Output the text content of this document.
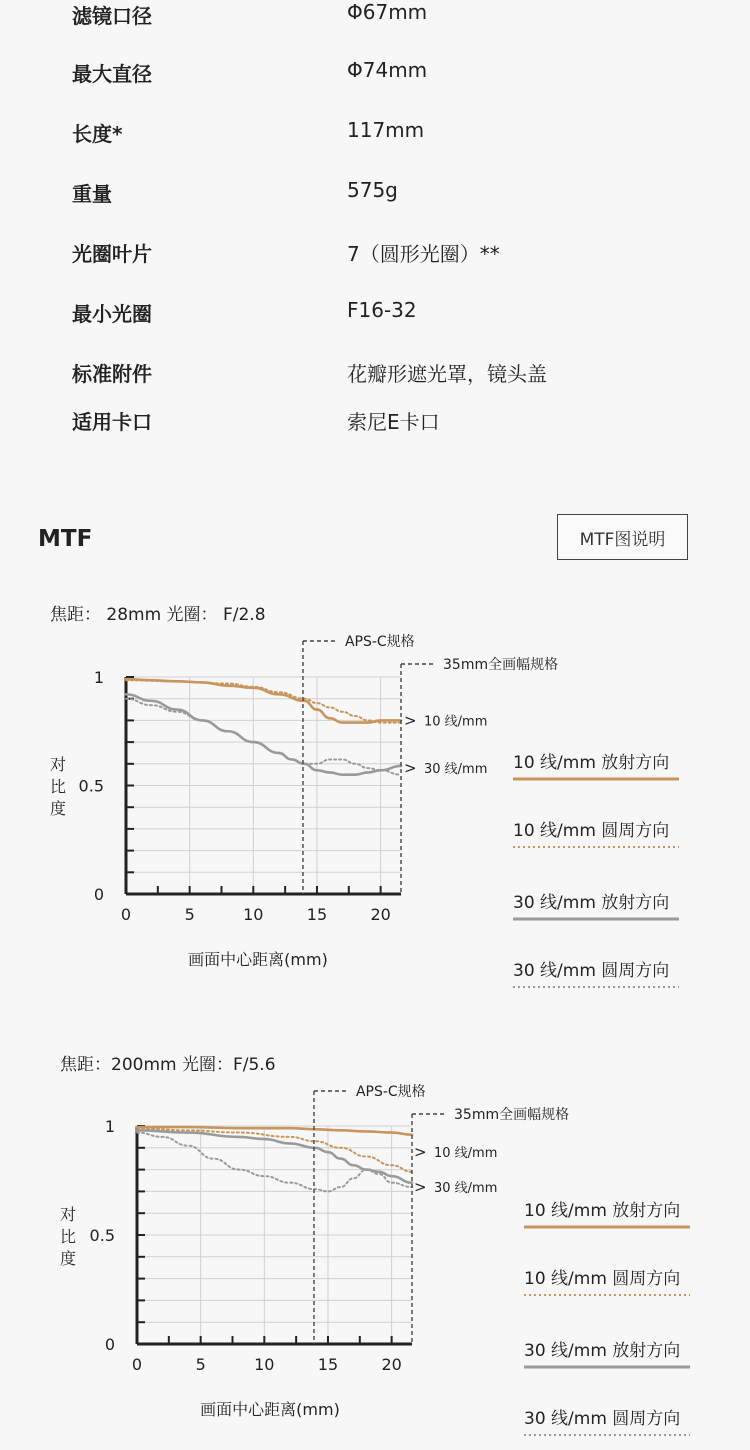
滤镜口径	Φ67mm
最大直径	Φ74mm
长度*	117mm
重量	575g
光圈叶片	7（圆形光圈）**
最小光圈	F16-32
标准附件	花瓣形遮光罩，镜头盖
适用卡口	索尼E卡口
MTF	MTF图说明
焦距： 28mm 光圈： F/2.8
0	5	10	15	20
0
0.5
1
画面中心距离(mm)
对比度
APS-C规格
35mm全画幅规格
> 10 线/mm
> 30 线/mm 10 线/mm 放射方向
10 线/mm 圆周方向
30 线/mm 放射方向
30 线/mm 圆周方向
焦距：200mm 光圈：F/5.6
0	5	10	15	20
0
0.5
1
画面中心距离(mm)
对比度
APS-C规格
35mm全画幅规格
> 10 线/mm
> 30 线/mm
10 线/mm 放射方向
10 线/mm 圆周方向
30 线/mm 放射方向
30 线/mm 圆周方向
